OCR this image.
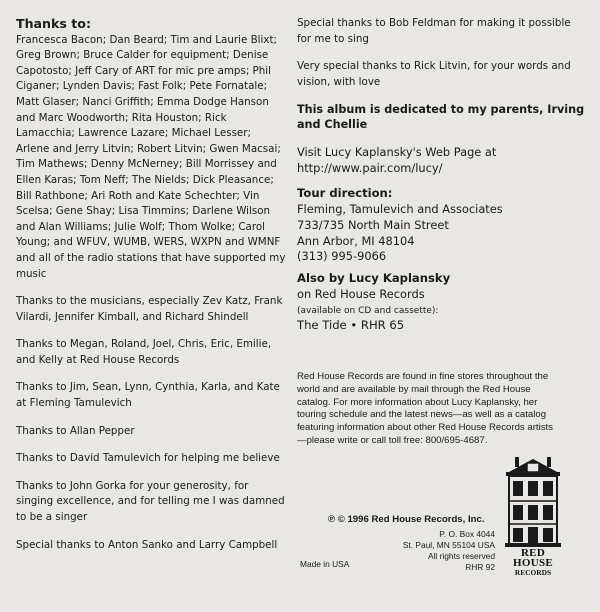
Thanks to:

Francesca Bacon; Dan Beard; Tim and Laurie Blixt; Greg Brown; Bruce Calder for equipment; Denise Capotosto; Jeff Cary of ART for mic pre amps; Phil Ciganer; Lynden Davis; Fast Folk; Pete Fornatale; Matt Glaser; Nanci Griffith; Emma Dodge Hanson and Marc Woodworth; Rita Houston; Rick Lamacchia; Lawrence Lazare; Michael Lesser; Arlene and Jerry Litvin; Robert Litvin; Gwen Macsai; Tim Mathews; Denny McNerney; Bill Morrissey and Ellen Karas; Tom Neff; The Nields; Dick Pleasance; Bill Rathbone; Ari Roth and Kate Schechter; Vin Scelsa; Gene Shay; Lisa Timmins; Darlene Wilson and Alan Williams; Julie Wolf; Thom Wolke; Carol Young; and WFUV, WUMB, WERS, WXPN and WMNF and all of the radio stations that have supported my music

Thanks to the musicians, especially Zev Katz, Frank Vilardi, Jennifer Kimball, and Richard Shindell

Thanks to Megan, Roland, Joel, Chris, Eric, Emilie, and Kelly at Red House Records

Thanks to Jim, Sean, Lynn, Cynthia, Karla, and Kate at Fleming Tamulevich

Thanks to Allan Pepper

Thanks to David Tamulevich for helping me believe

Thanks to John Gorka for your generosity, for singing excellence, and for telling me I was damned to be a singer

Special thanks to Anton Sanko and Larry Campbell

Special thanks to Bob Feldman for making it possible for me to sing

Very special thanks to Rick Litvin, for your words and vision, with love

This album is dedicated to my parents, Irving and Chellie

Visit Lucy Kaplansky's Web Page at
http://www.pair.com/lucy/
Tour direction:
Fleming, Tamulevich and Associates
733/735 North Main Street
Ann Arbor, MI 48104
(313) 995-9066
Also by Lucy Kaplansky
on Red House Records
(available on CD and cassette):
The Tide • RHR 65
Red House Records are found in fine stores throughout the world and are available by mail through the Red House catalog. For more information about Lucy Kaplansky, her touring schedule and the latest news—as well as a catalog featuring information about other Red House Records artists—please write or call toll free: 800/695-4687.
℗ © 1996 Red House Records, Inc.
P. O. Box 4044
St. Paul, MN 55104 USA
All rights reserved
RHR 92
Made in USA
RED
HOUSE
RECORDS
